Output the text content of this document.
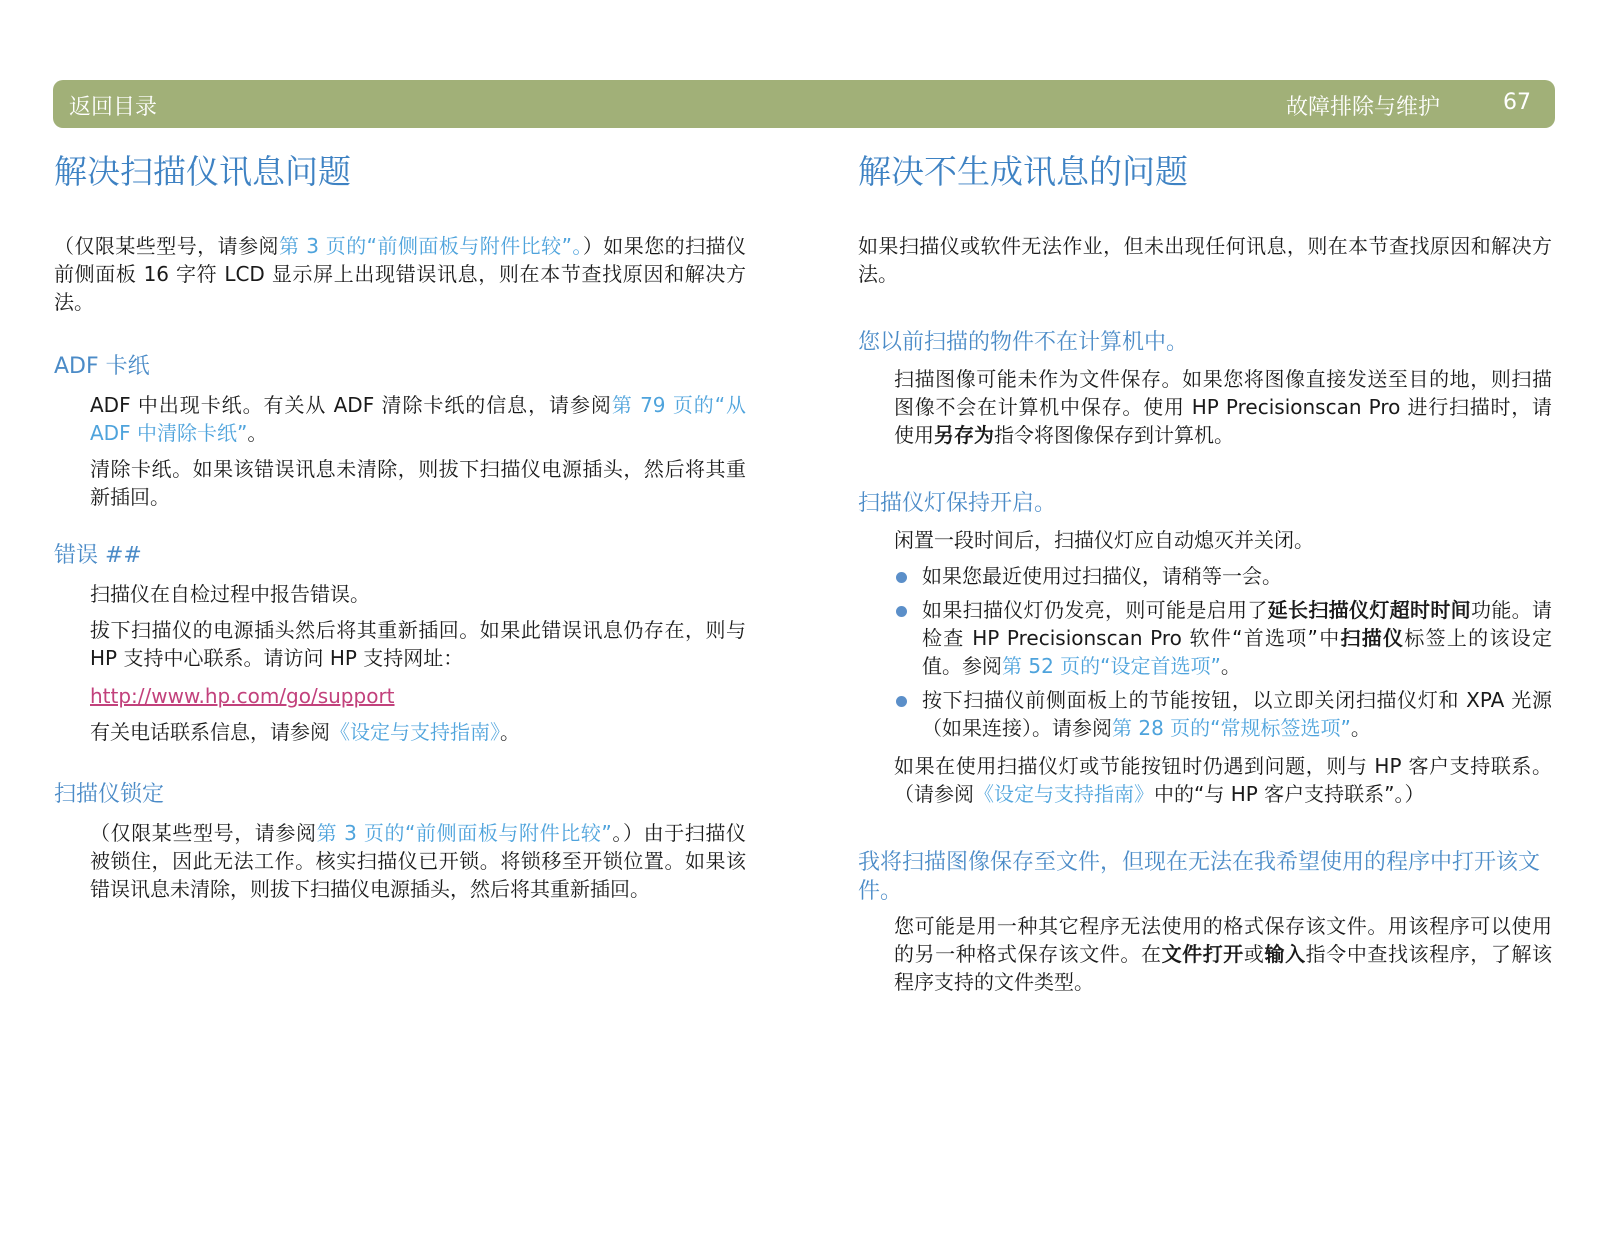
返回目录	故障排除与维护	67
解决扫描仪讯息问题

（仅限某些型号，请参阅第 3 页的“前侧面板与附件比较”。）如果您的扫描仪前侧面板 16 字符 LCD 显示屏上出现错误讯息，则在本节查找原因和解决方法。

ADF 卡纸

ADF 中出现卡纸。有关从 ADF 清除卡纸的信息，请参阅第 79 页的“从 ADF 中清除卡纸”。

清除卡纸。如果该错误讯息未清除，则拔下扫描仪电源插头，然后将其重新插回。

错误 ##

扫描仪在自检过程中报告错误。

拔下扫描仪的电源插头然后将其重新插回。如果此错误讯息仍存在，则与 HP 支持中心联系。请访问 HP 支持网址：

http://www.hp.com/go/support

有关电话联系信息，请参阅《设定与支持指南》。

扫描仪锁定

（仅限某些型号，请参阅第 3 页的“前侧面板与附件比较”。）由于扫描仪被锁住，因此无法工作。核实扫描仪已开锁。将锁移至开锁位置。如果该错误讯息未清除，则拔下扫描仪电源插头，然后将其重新插回。

解决不生成讯息的问题

如果扫描仪或软件无法作业，但未出现任何讯息，则在本节查找原因和解决方法。

您以前扫描的物件不在计算机中。

扫描图像可能未作为文件保存。如果您将图像直接发送至目的地，则扫描图像不会在计算机中保存。使用 HP Precisionscan Pro 进行扫描时，请使用另存为指令将图像保存到计算机。

扫描仪灯保持开启。

闲置一段时间后，扫描仪灯应自动熄灭并关闭。

如果您最近使用过扫描仪，请稍等一会。
如果扫描仪灯仍发亮，则可能是启用了延长扫描仪灯超时时间功能。请检查 HP Precisionscan Pro 软件“首选项”中扫描仪标签上的该设定值。参阅第 52 页的“设定首选项”。
按下扫描仪前侧面板上的节能按钮，以立即关闭扫描仪灯和 XPA 光源（如果连接）。请参阅第 28 页的“常规标签选项”。

如果在使用扫描仪灯或节能按钮时仍遇到问题，则与 HP 客户支持联系。（请参阅《设定与支持指南》中的“与 HP 客户支持联系”。）

我将扫描图像保存至文件，但现在无法在我希望使用的程序中打开该文件。

您可能是用一种其它程序无法使用的格式保存该文件。用该程序可以使用的另一种格式保存该文件。在文件打开或输入指令中查找该程序，了解该程序支持的文件类型。
